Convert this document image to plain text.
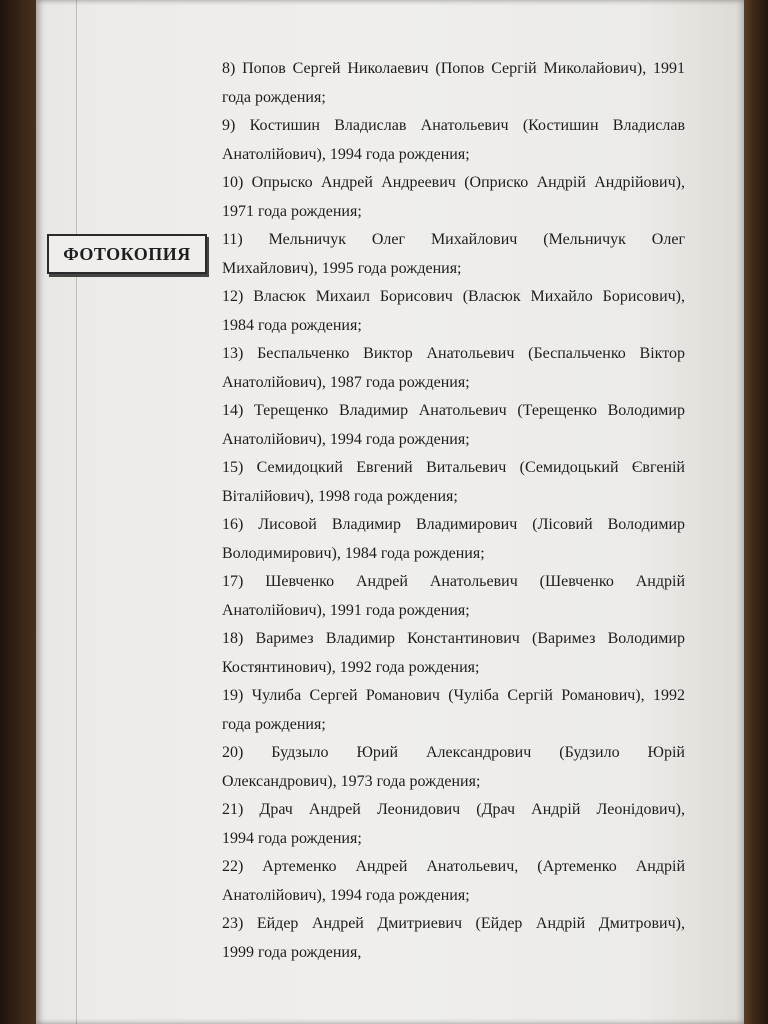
ФОТОКОПИЯ

8) Попов Сергей Николаевич (Попов Сергій Миколайович), 1991
года рождения;

9) Костишин Владислав Анатольевич (Костишин Владислав
Анатолійович), 1994 года рождения;

10) Опрыско Андрей Андреевич (Оприско Андрій Андрійович),
1971 года рождения;

11) Мельничук Олег Михайлович (Мельничук Олег
Михайлович), 1995 года рождения;

12) Власюк Михаил Борисович (Власюк Михайло Борисович),
1984 года рождения;

13) Беспальченко Виктор Анатольевич (Беспальченко Віктор
Анатолійович), 1987 года рождения;

14) Терещенко Владимир Анатольевич (Терещенко Володимир
Анатолійович), 1994 года рождения;

15) Семидоцкий Евгений Витальевич (Семидоцький Євгеній
Віталійович), 1998 года рождения;

16) Лисовой Владимир Владимирович (Лісовий Володимир
Володимирович), 1984 года рождения;

17) Шевченко Андрей Анатольевич (Шевченко Андрій
Анатолійович), 1991 года рождения;

18) Варимез Владимир Константинович (Варимез Володимир
Костянтинович), 1992 года рождения;

19) Чулиба Сергей Романович (Чуліба Сергій Романович), 1992
года рождения;

20) Будзыло Юрий Александрович (Будзило Юрій
Олександрович), 1973 года рождения;

21) Драч Андрей Леонидович (Драч Андрій Леонідович),
1994 года рождения;

22) Артеменко Андрей Анатольевич, (Артеменко Андрій
Анатолійович), 1994 года рождения;

23) Ейдер Андрей Дмитриевич (Ейдер Андрій Дмитрович),
1999 года рождения,
